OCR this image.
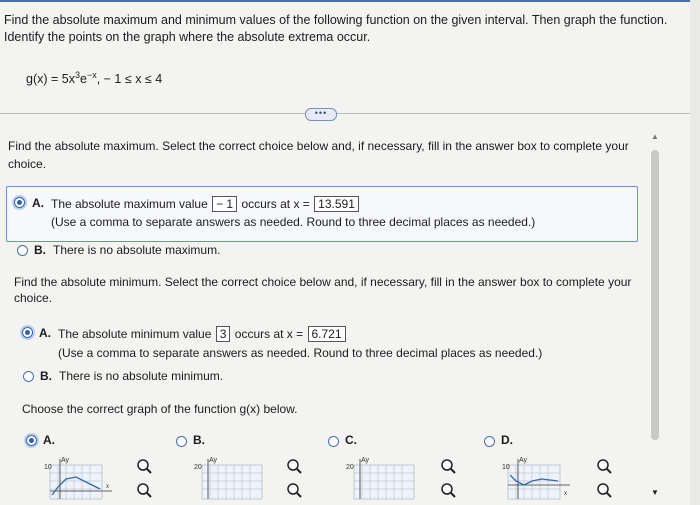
Find the absolute maximum and minimum values of the following function on the given interval. Then graph the function.
Identify the points on the graph where the absolute extrema occur.
$g(x) = 5x^3e^{-x}$, − 1 ≤ x ≤ 4
•••
Find the absolute maximum. Select the correct choice below and, if necessary, fill in the answer box to complete your
choice.
A. The absolute maximum value − 1 occurs at x = 13.591
(Use a comma to separate answers as needed. Round to three decimal places as needed.)
B. There is no absolute maximum.
Find the absolute minimum. Select the correct choice below and, if necessary, fill in the answer box to complete your
choice.
A. The absolute minimum value 3 occurs at x = 6.721
(Use a comma to separate answers as needed. Round to three decimal places as needed.)
B. There is no absolute minimum.
Choose the correct graph of the function g(x) below.
A.
10
Ay
x
B.
20
Ay
C.
20
Ay
D.
10
Ay
x
▲
▼
